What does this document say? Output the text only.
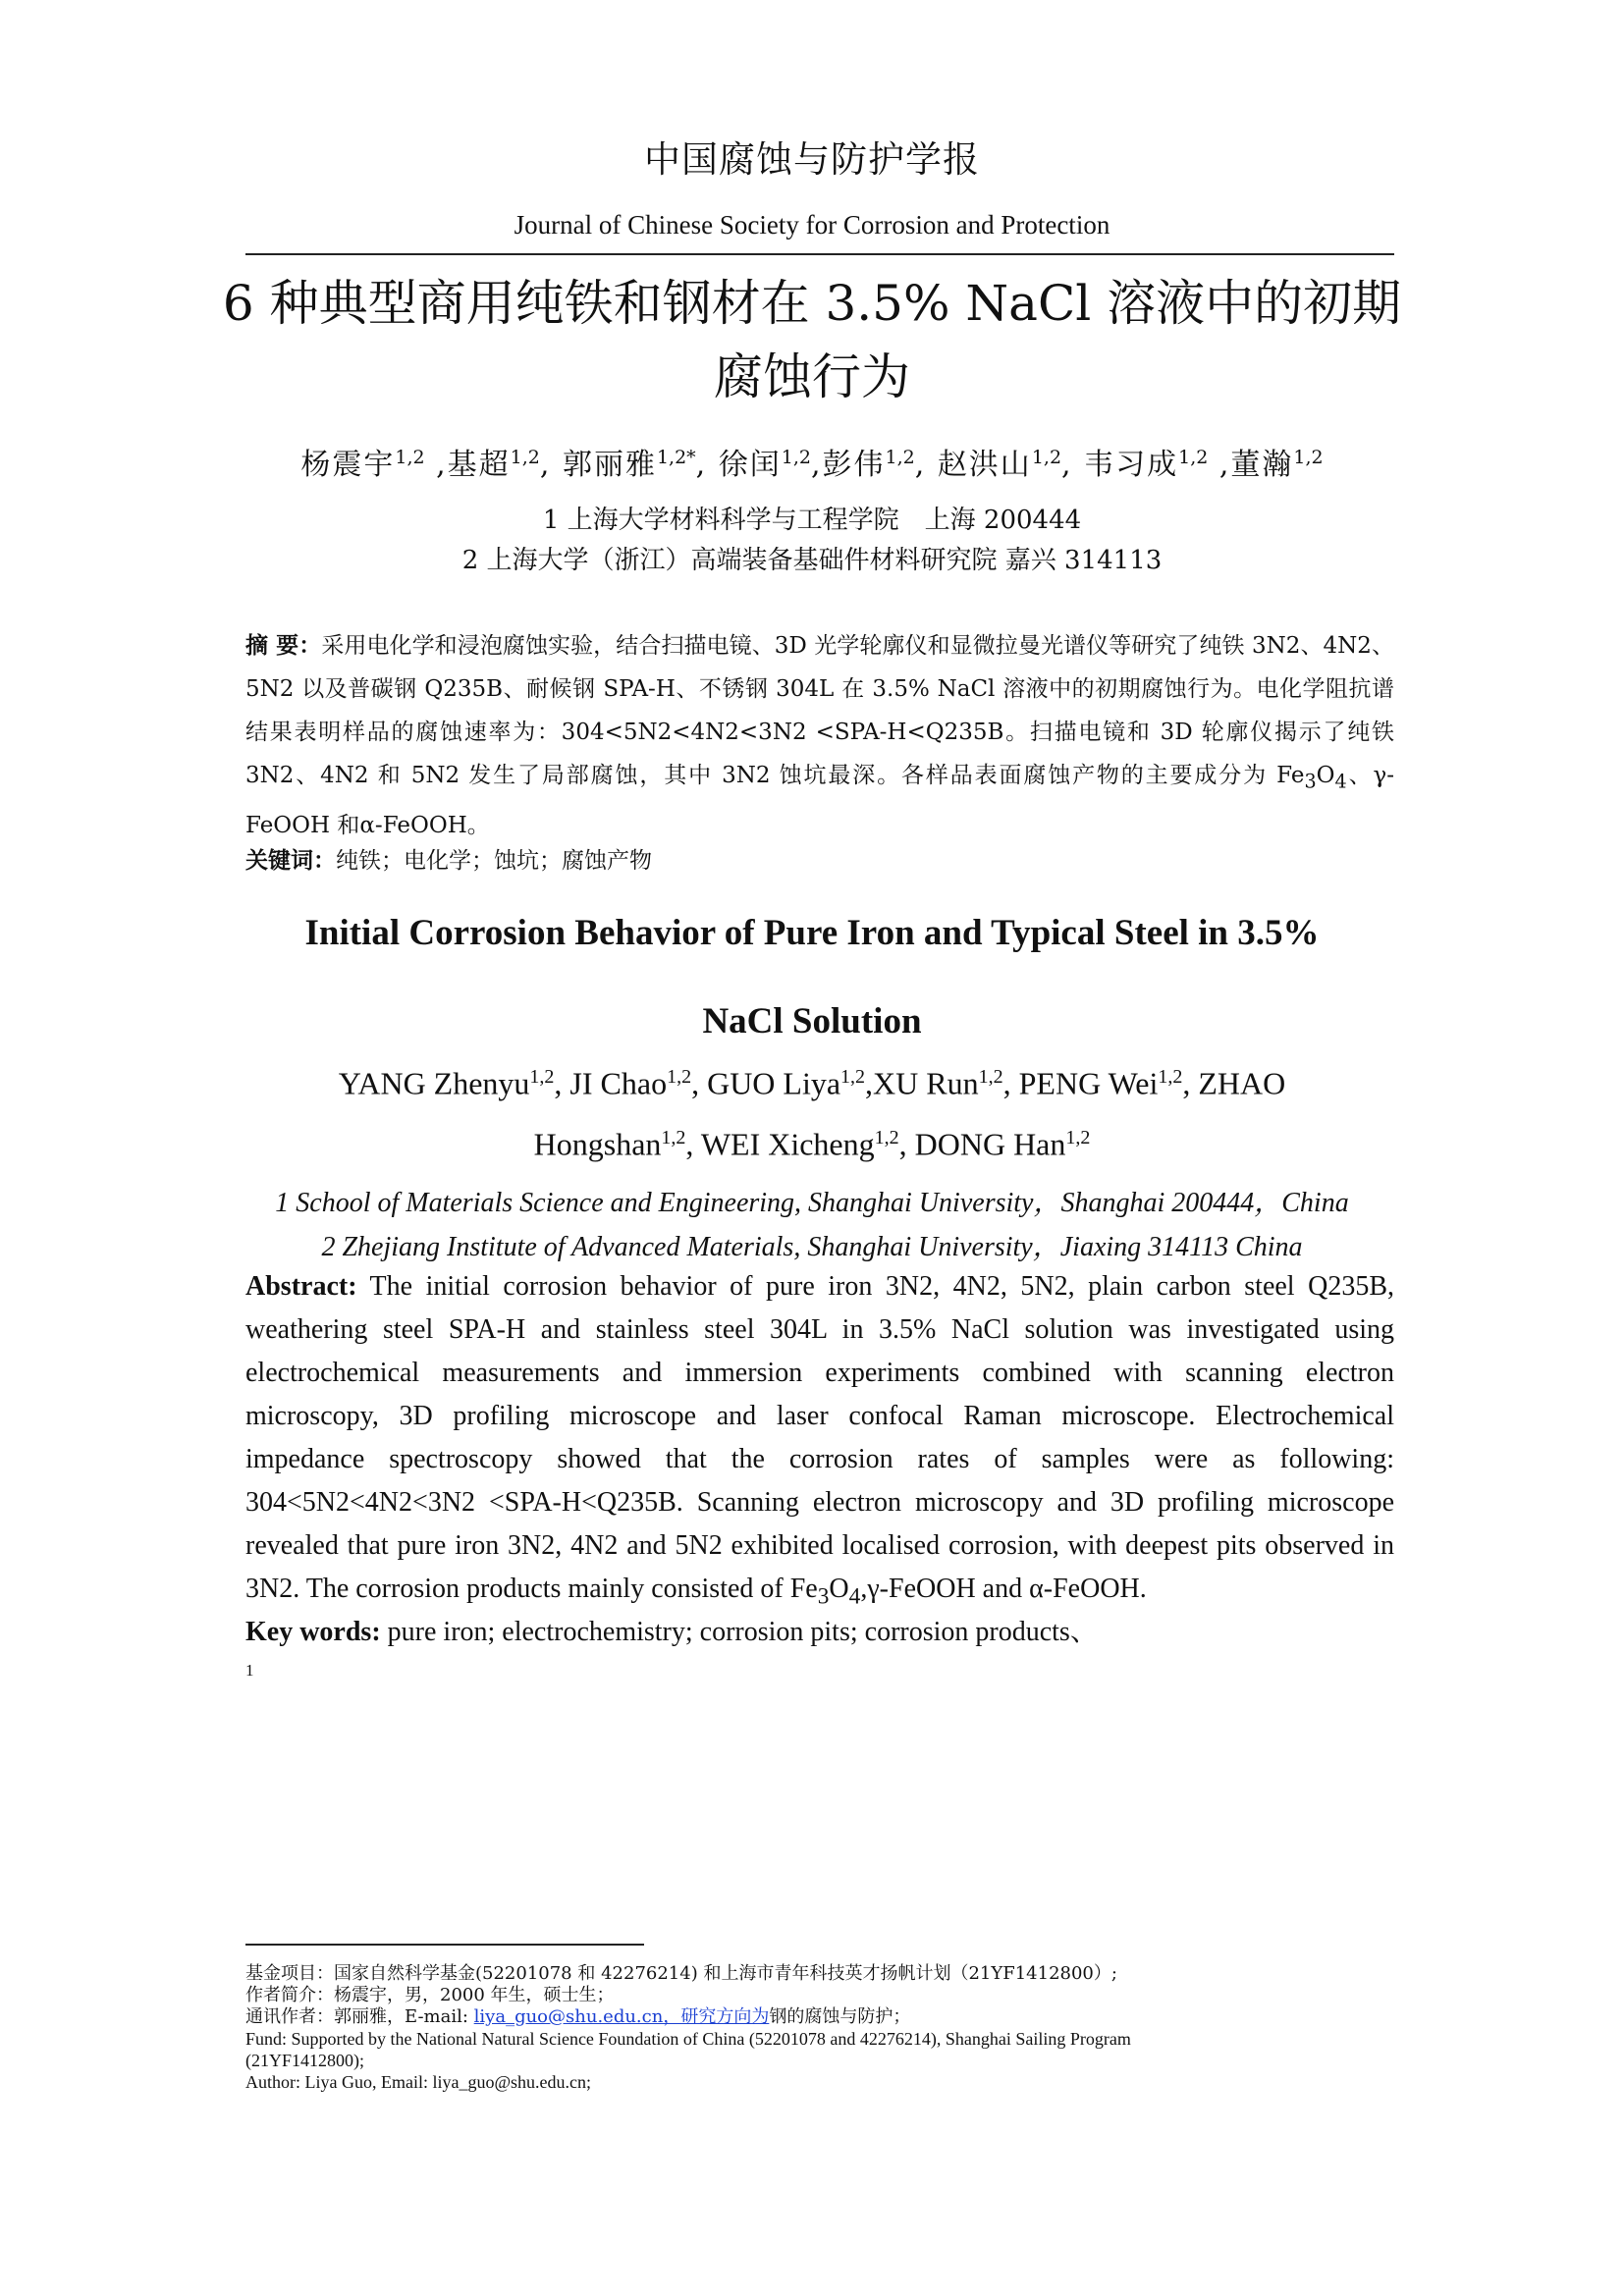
中国腐蚀与防护学报
Journal of Chinese Society for Corrosion and Protection
6 种典型商用纯铁和钢材在 3.5% NaCl 溶液中的初期
腐蚀行为
杨震宇$^{1,2}$ ,基超$^{1,2}$, 郭丽雅$^{1,2*}$, 徐闰$^{1,2}$,彭伟$^{1,2}$, 赵洪山$^{1,2}$, 韦习成$^{1,2}$ ,董瀚$^{1,2}$
1 上海大学材料科学与工程学院　上海 200444
2 上海大学（浙江）高端装备基础件材料研究院 嘉兴 314113
摘 要：采用电化学和浸泡腐蚀实验，结合扫描电镜、3D 光学轮廓仪和显微拉曼光谱仪等研究了纯铁 3N2、4N2、5N2 以及普碳钢 Q235B、耐候钢 SPA-H、不锈钢 304L 在 3.5% NaCl 溶液中的初期腐蚀行为。电化学阻抗谱结果表明样品的腐蚀速率为：304<5N2<4N2<3N2 <SPA-H<Q235B。扫描电镜和 3D 轮廓仪揭示了纯铁 3N2、4N2 和 5N2 发生了局部腐蚀，其中 3N2 蚀坑最深。各样品表面腐蚀产物的主要成分为 $Fe_3O_4$、γ-FeOOH 和α-FeOOH。
关键词：纯铁；电化学；蚀坑；腐蚀产物
Initial Corrosion Behavior of Pure Iron and Typical Steel in 3.5%
NaCl Solution
YANG Zhenyu$^{1,2}$, JI Chao$^{1,2}$, GUO Liya$^{1,2}$,XU Run$^{1,2}$, PENG Wei$^{1,2}$, ZHAO
Hongshan$^{1,2}$, WEI Xicheng$^{1,2}$, DONG Han$^{1,2}$
1 School of Materials Science and Engineering, Shanghai University，Shanghai 200444，China
2 Zhejiang Institute of Advanced Materials, Shanghai University，Jiaxing 314113 China
Abstract: The initial corrosion behavior of pure iron 3N2, 4N2, 5N2, plain carbon steel Q235B, weathering steel SPA-H and stainless steel 304L in 3.5% NaCl solution was investigated using electrochemical measurements and immersion experiments combined with scanning electron microscopy, 3D profiling microscope and laser confocal Raman microscope. Electrochemical impedance spectroscopy showed that the corrosion rates of samples were as following: 304<5N2<4N2<3N2 <SPA-H<Q235B. Scanning electron microscopy and 3D profiling microscope revealed that pure iron 3N2, 4N2 and 5N2 exhibited localised corrosion, with deepest pits observed in 3N2. The corrosion products mainly consisted of $Fe_3O_4,\gamma$-FeOOH and α-FeOOH.
Key words: pure iron; electrochemistry; corrosion pits; corrosion products、
1
基金项目：国家自然科学基金(52201078 和 42276214) 和上海市青年科技英才扬帆计划（21YF1412800）;
作者简介：杨震宇，男，2000 年生，硕士生；
通讯作者：郭丽雅，E-mail: liya_guo@shu.edu.cn，研究方向为钢的腐蚀与防护；
Fund: Supported by the National Natural Science Foundation of China (52201078 and 42276214), Shanghai Sailing Program
(21YF1412800);
Author: Liya Guo, Email: liya_guo@shu.edu.cn;
